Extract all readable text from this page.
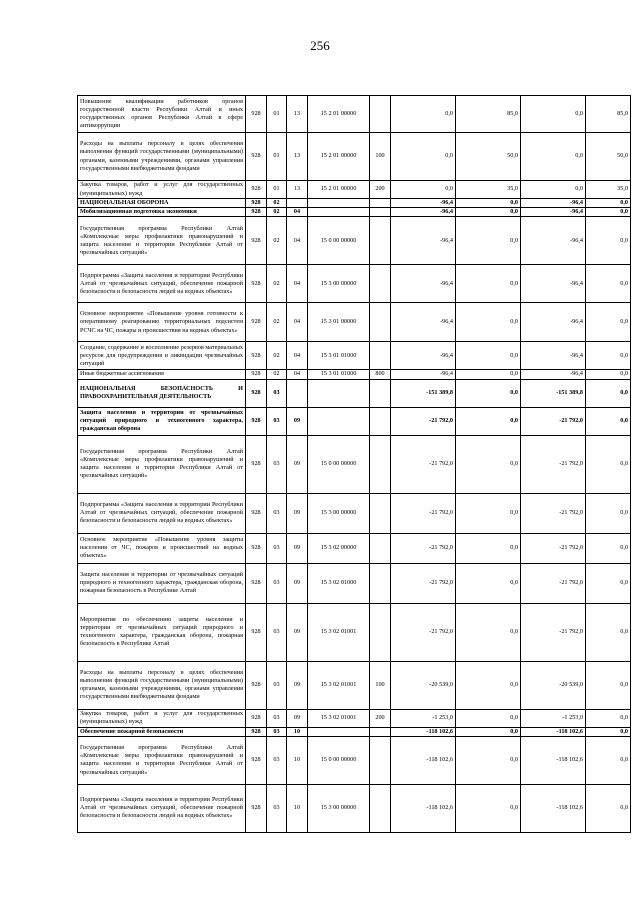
256
Повышение квалификации работников органов государственной власти Республики Алтай и иных государственных органов Республики Алтай в сфере антикоррупции	928	01	13	15 2 01 00000		0,0	85,0	0,0	85,0
Расходы на выплаты персоналу в целях обеспечения выполнения функций государственными (муниципальными) органами, казенными учреждениями, органами управления государственными внебюджетными фондами	928	01	13	15 2 01 00000	100	0,0	50,0	0,0	50,0
Закупка товаров, работ и услуг для государственных (муниципальных) нужд	928	01	13	15 2 01 00000	200	0,0	35,0	0,0	35,0
НАЦИОНАЛЬНАЯ ОБОРОНА	928	02				-96,4	0,0	-96,4	0,0
Мобилизационная подготовка экономики	928	02	04			-96,4	0,0	-96,4	0,0
Государственная программа Республики Алтай «Комплексные меры профилактики правонарушений и защита населения и территории Республики Алтай от чрезвычайных ситуаций»	928	02	04	15 0 00 00000		-96,4	0,0	-96,4	0,0
Подпрограмма «Защита населения и территории Республики Алтай от чрезвычайных ситуаций, обеспечение пожарной безопасности и безопасности людей на водных объектах»	928	02	04	15 3 00 00000		-96,4	0,0	-96,4	0,0
Основное мероприятие «Повышение уровня готовности к оперативному реагированию территориальных подсистем РСЧС на ЧС, пожары и происшествия на водных объектах»	928	02	04	15 3 01 00000		-96,4	0,0	-96,4	0,0
Создание, содержание и восполнение резервов материальных ресурсов для предупреждения и ликвидации чрезвычайных ситуаций	928	02	04	15 3 01 01000		-96,4	0,0	-96,4	0,0
Иные бюджетные ассигнования	928	02	04	15 3 01 01000	800	-96,4	0,0	-96,4	0,0
НАЦИОНАЛЬНАЯ БЕЗОПАСНОСТЬ И ПРАВООХРАНИТЕЛЬНАЯ ДЕЯТЕЛЬНОСТЬ	928	03				-151 389,8	0,0	-151 389,8	0,0
Защита населения и территории от чрезвычайных ситуаций природного и техногенного характера, гражданская оборона	928	03	09			-21 792,0	0,0	-21 792,0	0,0
Государственная программа Республики Алтай «Комплексные меры профилактики правонарушений и защита населения и территории Республики Алтай от чрезвычайных ситуаций»	928	03	09	15 0 00 00000		-21 792,0	0,0	-21 792,0	0,0
Подпрограмма «Защита населения и территории Республики Алтай от чрезвычайных ситуаций, обеспечение пожарной безопасности и безопасности людей на водных объектах»	928	03	09	15 3 00 00000		-21 792,0	0,0	-21 792,0	0,0
Основное мероприятие «Повышение уровня защиты населения от ЧС, пожаров и происшествий на водных объектах»	928	03	09	15 3 02 00000		-21 792,0	0,0	-21 792,0	0,0
Защита населения и территории от чрезвычайных ситуаций природного и техногенного характера, гражданская оборона, пожарная безопасность в Республике Алтай	928	03	09	15 3 02 01000		-21 792,0	0,0	-21 792,0	0,0
Мероприятия по обеспечению защиты населения и территории от чрезвычайных ситуаций природного и техногенного характера, гражданская оборона, пожарная безопасность в Республике Алтай	928	03	09	15 3 02 01001		-21 792,0	0,0	-21 792,0	0,0
Расходы на выплаты персоналу в целях обеспечения выполнения функций государственными (муниципальными) органами, казенными учреждениями, органами управления государственными внебюджетными фондами	928	03	09	15 3 02 01001	100	-20 539,0	0,0	-20 539,0	0,0
Закупка товаров, работ и услуг для государственных (муниципальных) нужд	928	03	09	15 3 02 01001	200	-1 253,0	0,0	-1 253,0	0,0
Обеспечение пожарной безопасности	928	03	10			-118 102,6	0,0	-118 102,6	0,0
Государственная программа Республики Алтай «Комплексные меры профилактики правонарушений и защита населения и территории Республики Алтай от чрезвычайных ситуаций»	928	03	10	15 0 00 00000		-118 102,6	0,0	-118 102,6	0,0
Подпрограмма «Защита населения и территории Республики Алтай от чрезвычайных ситуаций, обеспечение пожарной безопасности и безопасности людей на водных объектах»	928	03	10	15 3 00 00000		-118 102,6	0,0	-118 102,6	0,0
